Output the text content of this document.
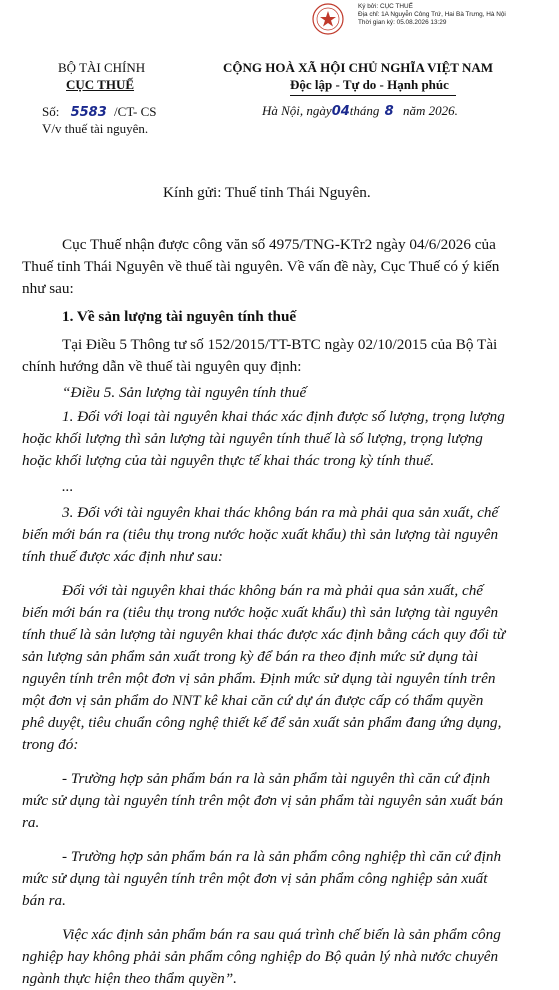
Ký bởi: CỤC THUẾ
Địa chỉ: 1A Nguyễn Công Trứ, Hai Bà Trưng, Hà Nội
Thời gian ký: 05.08.2026 13:29
BỘ TÀI CHÍNH
CỤC THUẾ
Số: 5583 /CT- CS
V/v thuế tài nguyên.
CỘNG HOÀ XÃ HỘI CHỦ NGHĨA VIỆT NAM
Độc lập - Tự do - Hạnh phúc
Hà Nội, ngày04tháng 8 năm 2026.
Kính gửi: Thuế tỉnh Thái Nguyên.
Cục Thuế nhận được công văn số 4975/TNG-KTr2 ngày 04/6/2026 của
Thuế tỉnh Thái Nguyên về thuế tài nguyên. Về vấn đề này, Cục Thuế có ý kiến
như sau:
1. Về sản lượng tài nguyên tính thuế
Tại Điều 5 Thông tư số 152/2015/TT-BTC ngày 02/10/2015 của Bộ Tài
chính hướng dẫn về thuế tài nguyên quy định:
“Điều 5. Sản lượng tài nguyên tính thuế
1. Đối với loại tài nguyên khai thác xác định được số lượng, trọng lượng
hoặc khối lượng thì sản lượng tài nguyên tính thuế là số lượng, trọng lượng
hoặc khối lượng của tài nguyên thực tế khai thác trong kỳ tính thuế.
...
3. Đối với tài nguyên khai thác không bán ra mà phải qua sản xuất, chế
biến mới bán ra (tiêu thụ trong nước hoặc xuất khẩu) thì sản lượng tài nguyên
tính thuế được xác định như sau:
Đối với tài nguyên khai thác không bán ra mà phải qua sản xuất, chế
biến mới bán ra (tiêu thụ trong nước hoặc xuất khẩu) thì sản lượng tài nguyên
tính thuế là sản lượng tài nguyên khai thác được xác định bằng cách quy đổi từ
sản lượng sản phẩm sản xuất trong kỳ để bán ra theo định mức sử dụng tài
nguyên tính trên một đơn vị sản phẩm. Định mức sử dụng tài nguyên tính trên
một đơn vị sản phẩm do NNT kê khai căn cứ dự án được cấp có thẩm quyền
phê duyệt, tiêu chuẩn công nghệ thiết kế để sản xuất sản phẩm đang ứng dụng,
trong đó:
- Trường hợp sản phẩm bán ra là sản phẩm tài nguyên thì căn cứ định
mức sử dụng tài nguyên tính trên một đơn vị sản phẩm tài nguyên sản xuất bán
ra.
- Trường hợp sản phẩm bán ra là sản phẩm công nghiệp thì căn cứ định
mức sử dụng tài nguyên tính trên một đơn vị sản phẩm công nghiệp sản xuất
bán ra.
Việc xác định sản phẩm bán ra sau quá trình chế biến là sản phẩm công
nghiệp hay không phải sản phẩm công nghiệp do Bộ quản lý nhà nước chuyên
ngành thực hiện theo thẩm quyền”.
